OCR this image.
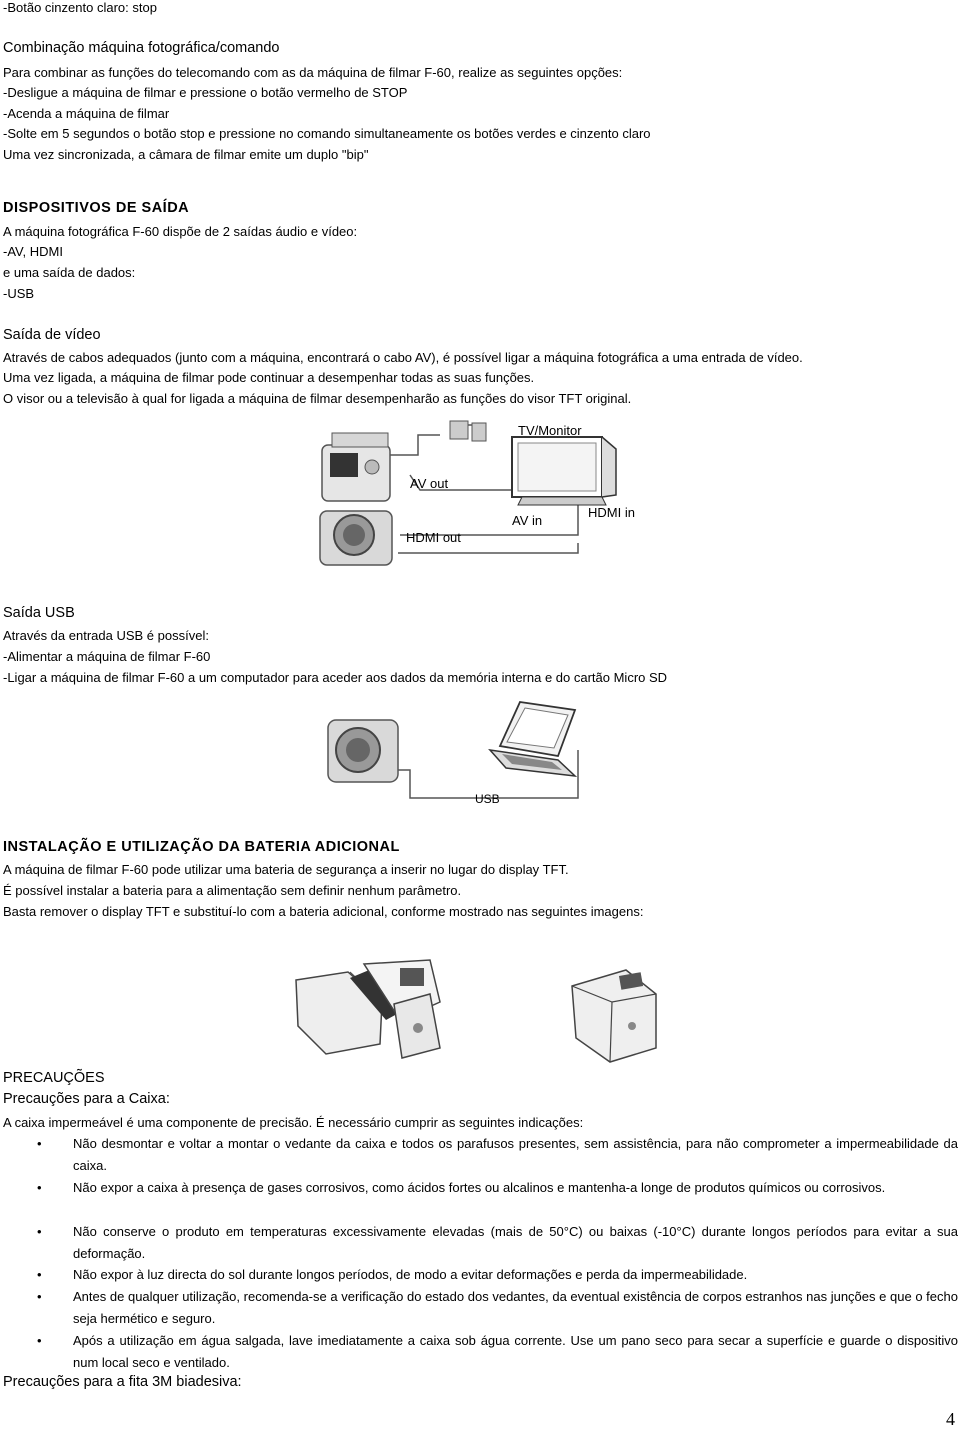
-Botão cinzento claro: stop
Combinação máquina fotográfica/comando
Para combinar as funções do telecomando com as da máquina de filmar F-60, realize as seguintes opções:
-Desligue a máquina de filmar e pressione o botão vermelho de STOP
-Acenda a máquina de filmar
-Solte em 5 segundos o botão stop e pressione no comando simultaneamente os botões verdes e cinzento claro
Uma vez sincronizada, a câmara de filmar emite um duplo "bip"
DISPOSITIVOS DE SAÍDA
A máquina fotográfica F-60 dispõe de 2 saídas áudio e vídeo:
-AV, HDMI
e uma saída de dados:
-USB
Saída de vídeo
Através de cabos adequados (junto com a máquina, encontrará o cabo AV), é possível ligar a máquina fotográfica a uma entrada de vídeo.
Uma vez ligada, a máquina de filmar pode continuar a desempenhar todas as suas funções.
O visor ou a televisão à qual for ligada a máquina de filmar desempenharão as funções do visor TFT original.
TV/Monitor
AV out
AV in
HDMI in
HDMI out
Saída USB
Através da entrada USB é possível:
-Alimentar a máquina de filmar F-60
-Ligar a máquina de filmar F-60 a um computador para aceder aos dados da memória interna e do cartão Micro SD
USB
INSTALAÇÃO E UTILIZAÇÃO DA BATERIA ADICIONAL
A máquina de filmar F-60 pode utilizar uma bateria de segurança a inserir no lugar do display TFT.
É possível instalar a bateria para a alimentação sem definir nenhum parâmetro.
Basta remover o display TFT e substituí-lo com a bateria adicional, conforme mostrado nas seguintes imagens:
PRECAUÇÕES
Precauções para a Caixa:
A caixa impermeável é uma componente de precisão. É necessário cumprir as seguintes indicações:
• Não desmontar e voltar a montar o vedante da caixa e todos os parafusos presentes, sem assistência, para não comprometer a impermeabilidade da caixa.
• Não expor a caixa à presença de gases corrosivos, como ácidos fortes ou alcalinos e mantenha-a longe de produtos químicos ou corrosivos.
• Não conserve o produto em temperaturas excessivamente elevadas (mais de 50°C) ou baixas (-10°C) durante longos períodos para evitar a sua deformação.
• Não expor à luz directa do sol durante longos períodos, de modo a evitar deformações e perda da impermeabilidade.
• Antes de qualquer utilização, recomenda-se a verificação do estado dos vedantes, da eventual existência de corpos estranhos nas junções e que o fecho seja hermético e seguro.
• Após a utilização em água salgada, lave imediatamente a caixa sob água corrente. Use um pano seco para secar a superfície e guarde o dispositivo num local seco e ventilado.
Precauções para a fita 3M biadesiva:
4
